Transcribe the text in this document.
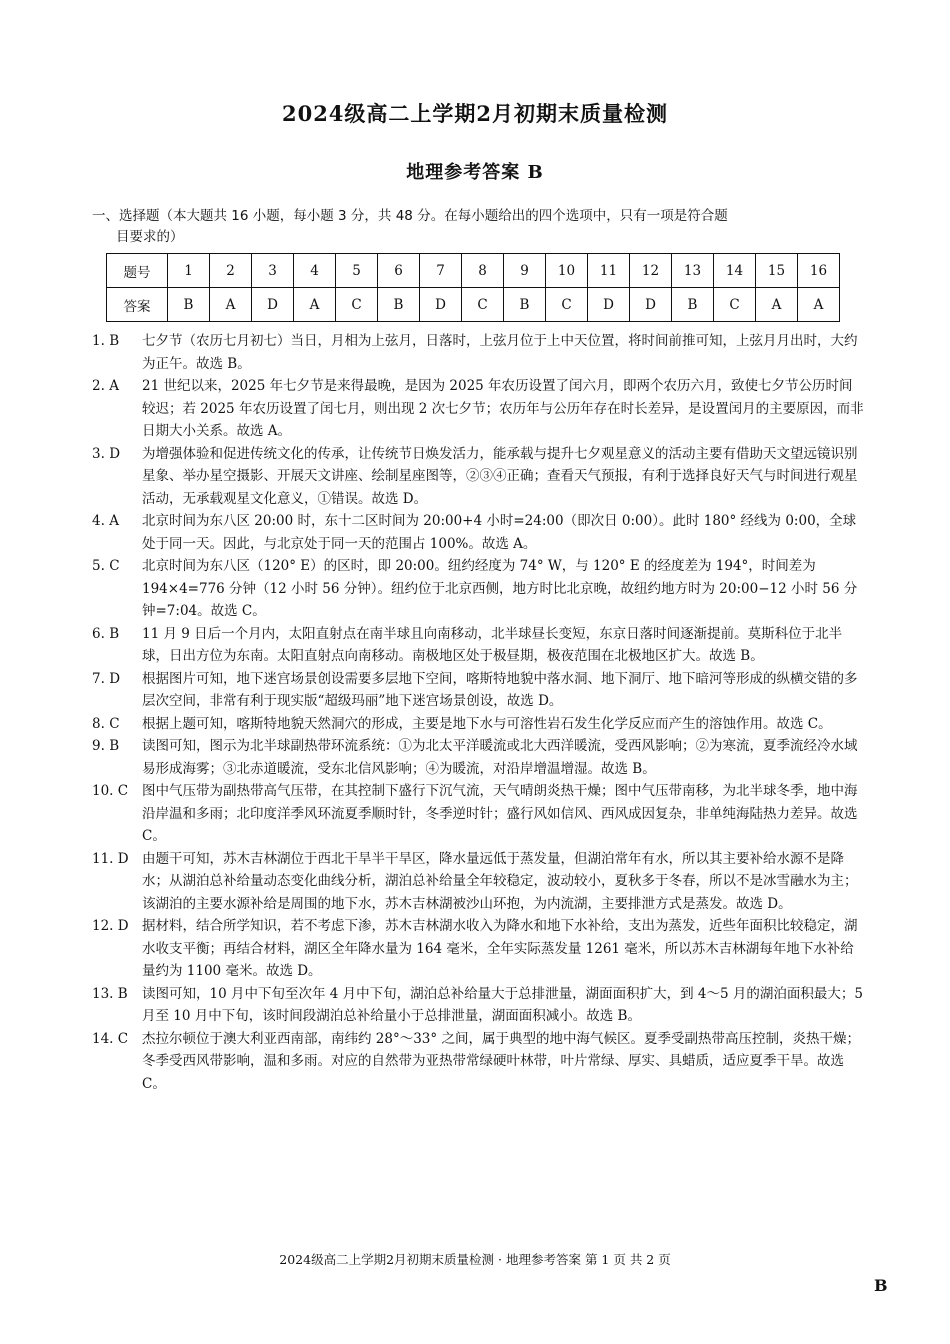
2024级高二上学期2月初期末质量检测
地理参考答案 B
一、选择题（本大题共 16 小题，每小题 3 分，共 48 分。在每小题给出的四个选项中，只有一项是符合题
目要求的）
题号	1	2	3	4	5	6	7	8	9	10	11	12	13	14	15	16
答案	B	A	D	A	C	B	D	C	B	C	D	D	B	C	A	A
1. B	七夕节（农历七月初七）当日，月相为上弦月，日落时，上弦月位于上中天位置，将时间前推可知，上弦月月出时，大约为正午。故选 B。
2. A	21 世纪以来，2025 年七夕节是来得最晚，是因为 2025 年农历设置了闰六月，即两个农历六月，致使七夕节公历时间较迟；若 2025 年农历设置了闰七月，则出现 2 次七夕节；农历年与公历年存在时长差异，是设置闰月的主要原因，而非日期大小关系。故选 A。
3. D	为增强体验和促进传统文化的传承，让传统节日焕发活力，能承载与提升七夕观星意义的活动主要有借助天文望远镜识别星象、举办星空摄影、开展天文讲座、绘制星座图等，②③④正确；查看天气预报，有利于选择良好天气与时间进行观星活动，无承载观星文化意义，①错误。故选 D。
4. A	北京时间为东八区 20:00 时，东十二区时间为 20:00+4 小时=24:00（即次日 0:00）。此时 180° 经线为 0:00，全球处于同一天。因此，与北京处于同一天的范围占 100%。故选 A。
5. C	北京时间为东八区（120° E）的区时，即 20:00。纽约经度为 74° W，与 120° E 的经度差为 194°，时间差为 194×4=776 分钟（12 小时 56 分钟）。纽约位于北京西侧，地方时比北京晚，故纽约地方时为 20:00−12 小时 56 分钟=7:04。故选 C。
6. B	11 月 9 日后一个月内，太阳直射点在南半球且向南移动，北半球昼长变短，东京日落时间逐渐提前。莫斯科位于北半球，日出方位为东南。太阳直射点向南移动。南极地区处于极昼期，极夜范围在北极地区扩大。故选 B。
7. D	根据图片可知，地下迷宫场景创设需要多层地下空间，喀斯特地貌中落水洞、地下洞厅、地下暗河等形成的纵横交错的多层次空间，非常有利于现实版“超级玛丽”地下迷宫场景创设，故选 D。
8. C	根据上题可知，喀斯特地貌天然洞穴的形成，主要是地下水与可溶性岩石发生化学反应而产生的溶蚀作用。故选 C。
9. B	读图可知，图示为北半球副热带环流系统：①为北太平洋暖流或北大西洋暖流，受西风影响；②为寒流，夏季流经冷水域易形成海雾；③北赤道暖流，受东北信风影响；④为暖流，对沿岸增温增湿。故选 B。
10. C	图中气压带为副热带高气压带，在其控制下盛行下沉气流，天气晴朗炎热干燥；图中气压带南移，为北半球冬季，地中海沿岸温和多雨；北印度洋季风环流夏季顺时针，冬季逆时针；盛行风如信风、西风成因复杂，非单纯海陆热力差异。故选 C。
11. D 由题干可知，苏木吉林湖位于西北干旱半干旱区，降水量远低于蒸发量，但湖泊常年有水，所以其主要补给水源不是降水；从湖泊总补给量动态变化曲线分析，湖泊总补给量全年较稳定，波动较小，夏秋多于冬春，所以不是冰雪融水为主；该湖泊的主要水源补给是周围的地下水，苏木吉林湖被沙山环抱，为内流湖，主要排泄方式是蒸发。故选 D。
12. D 据材料，结合所学知识，若不考虑下渗，苏木吉林湖水收入为降水和地下水补给，支出为蒸发，近些年面积比较稳定，湖水收支平衡；再结合材料，湖区全年降水量为 164 毫米，全年实际蒸发量 1261 毫米，所以苏木吉林湖每年地下水补给量约为 1100 毫米。故选 D。
13. B	读图可知，10 月中下旬至次年 4 月中下旬，湖泊总补给量大于总排泄量，湖面面积扩大，到 4～5 月的湖泊面积最大；5 月至 10 月中下旬，该时间段湖泊总补给量小于总排泄量，湖面面积减小。故选 B。
14. C	杰拉尔顿位于澳大利亚西南部，南纬约 28°～33° 之间，属于典型的地中海气候区。夏季受副热带高压控制，炎热干燥；冬季受西风带影响，温和多雨。对应的自然带为亚热带常绿硬叶林带，叶片常绿、厚实、具蜡质，适应夏季干旱。故选 C。
2024级高二上学期2月初期末质量检测 · 地理参考答案 第 1 页 共 2 页
B
